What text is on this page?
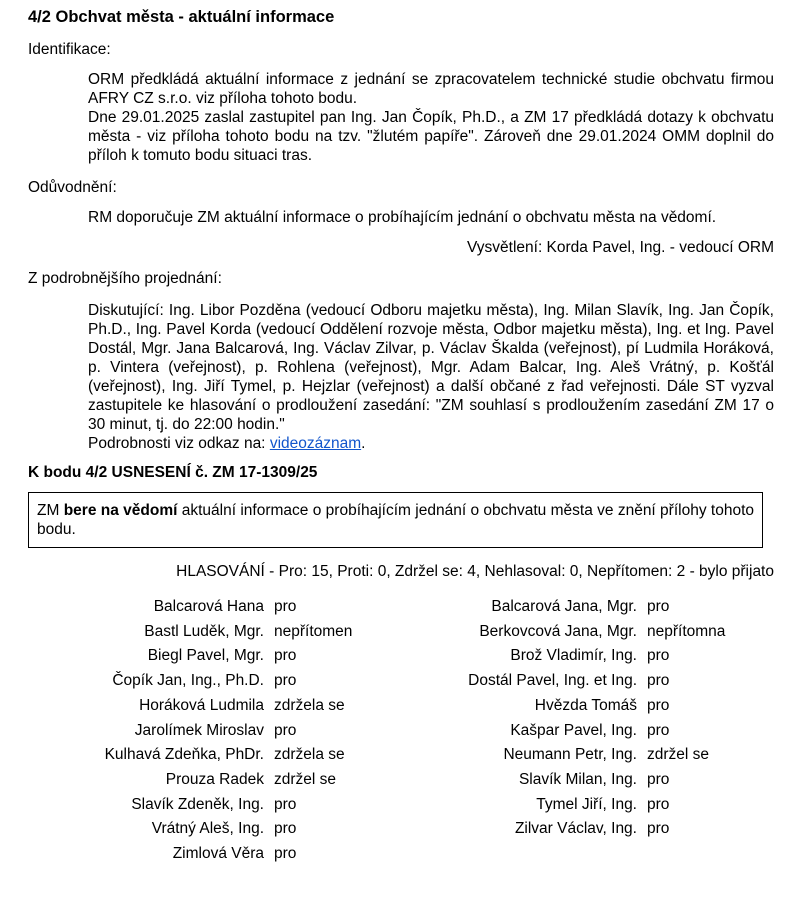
4/2 Obchvat města - aktuální informace
Identifikace:

ORM předkládá aktuální informace z jednání se zpracovatelem technické studie obchvatu firmou AFRY CZ s.r.o. viz příloha tohoto bodu.

Dne 29.01.2025 zaslal zastupitel pan Ing. Jan Čopík, Ph.D., a ZM 17 předkládá dotazy k obchvatu města - viz příloha tohoto bodu na tzv. "žlutém papíře". Zároveň dne 29.01.2024 OMM doplnil do příloh k tomuto bodu situaci tras.

Odůvodnění:
RM doporučuje ZM aktuální informace o probíhajícím jednání o obchvatu města na vědomí.
Vysvětlení: Korda Pavel, Ing. - vedoucí ORM
Z podrobnějšího projednání:

Diskutující: Ing. Libor Pozděna (vedoucí Odboru majetku města), Ing. Milan Slavík, Ing. Jan Čopík, Ph.D., Ing. Pavel Korda (vedoucí Oddělení rozvoje města, Odbor majetku města), Ing. et Ing. Pavel Dostál, Mgr. Jana Balcarová, Ing. Václav Zilvar, p. Václav Škalda (veřejnost), pí Ludmila Horáková, p. Vintera (veřejnost), p. Rohlena (veřejnost), Mgr. Adam Balcar, Ing. Aleš Vrátný, p. Košťál (veřejnost), Ing. Jiří Tymel, p. Hejzlar (veřejnost) a další občané z řad veřejnosti. Dále ST vyzval zastupitele ke hlasování o prodloužení zasedání: "ZM souhlasí s prodloužením zasedání ZM 17 o 30 minut, tj. do 22:00 hodin."

Podrobnosti viz odkaz na: videozáznam.

K bodu 4/2 USNESENÍ č. ZM 17-1309/25
ZM bere na vědomí aktuální informace o probíhajícím jednání o obchvatu města ve znění přílohy tohoto bodu.
HLASOVÁNÍ - Pro: 15, Proti: 0, Zdržel se: 4, Nehlasoval: 0, Nepřítomen: 2 - bylo přijato
Balcarová Hana pro
Bastl Luděk, Mgr. nepřítomen
Biegl Pavel, Mgr. pro
Čopík Jan, Ing., Ph.D. pro
Horáková Ludmila zdržela se
Jarolímek Miroslav pro
Kulhavá Zdeňka, PhDr. zdržela se
Prouza Radek zdržel se
Slavík Zdeněk, Ing. pro
Vrátný Aleš, Ing. pro
Zimlová Věra pro
Balcarová Jana, Mgr. pro
Berkovcová Jana, Mgr. nepřítomna
Brož Vladimír, Ing. pro
Dostál Pavel, Ing. et Ing. pro
Hvězda Tomáš pro
Kašpar Pavel, Ing. pro
Neumann Petr, Ing. zdržel se
Slavík Milan, Ing. pro
Tymel Jiří, Ing. pro
Zilvar Václav, Ing. pro
